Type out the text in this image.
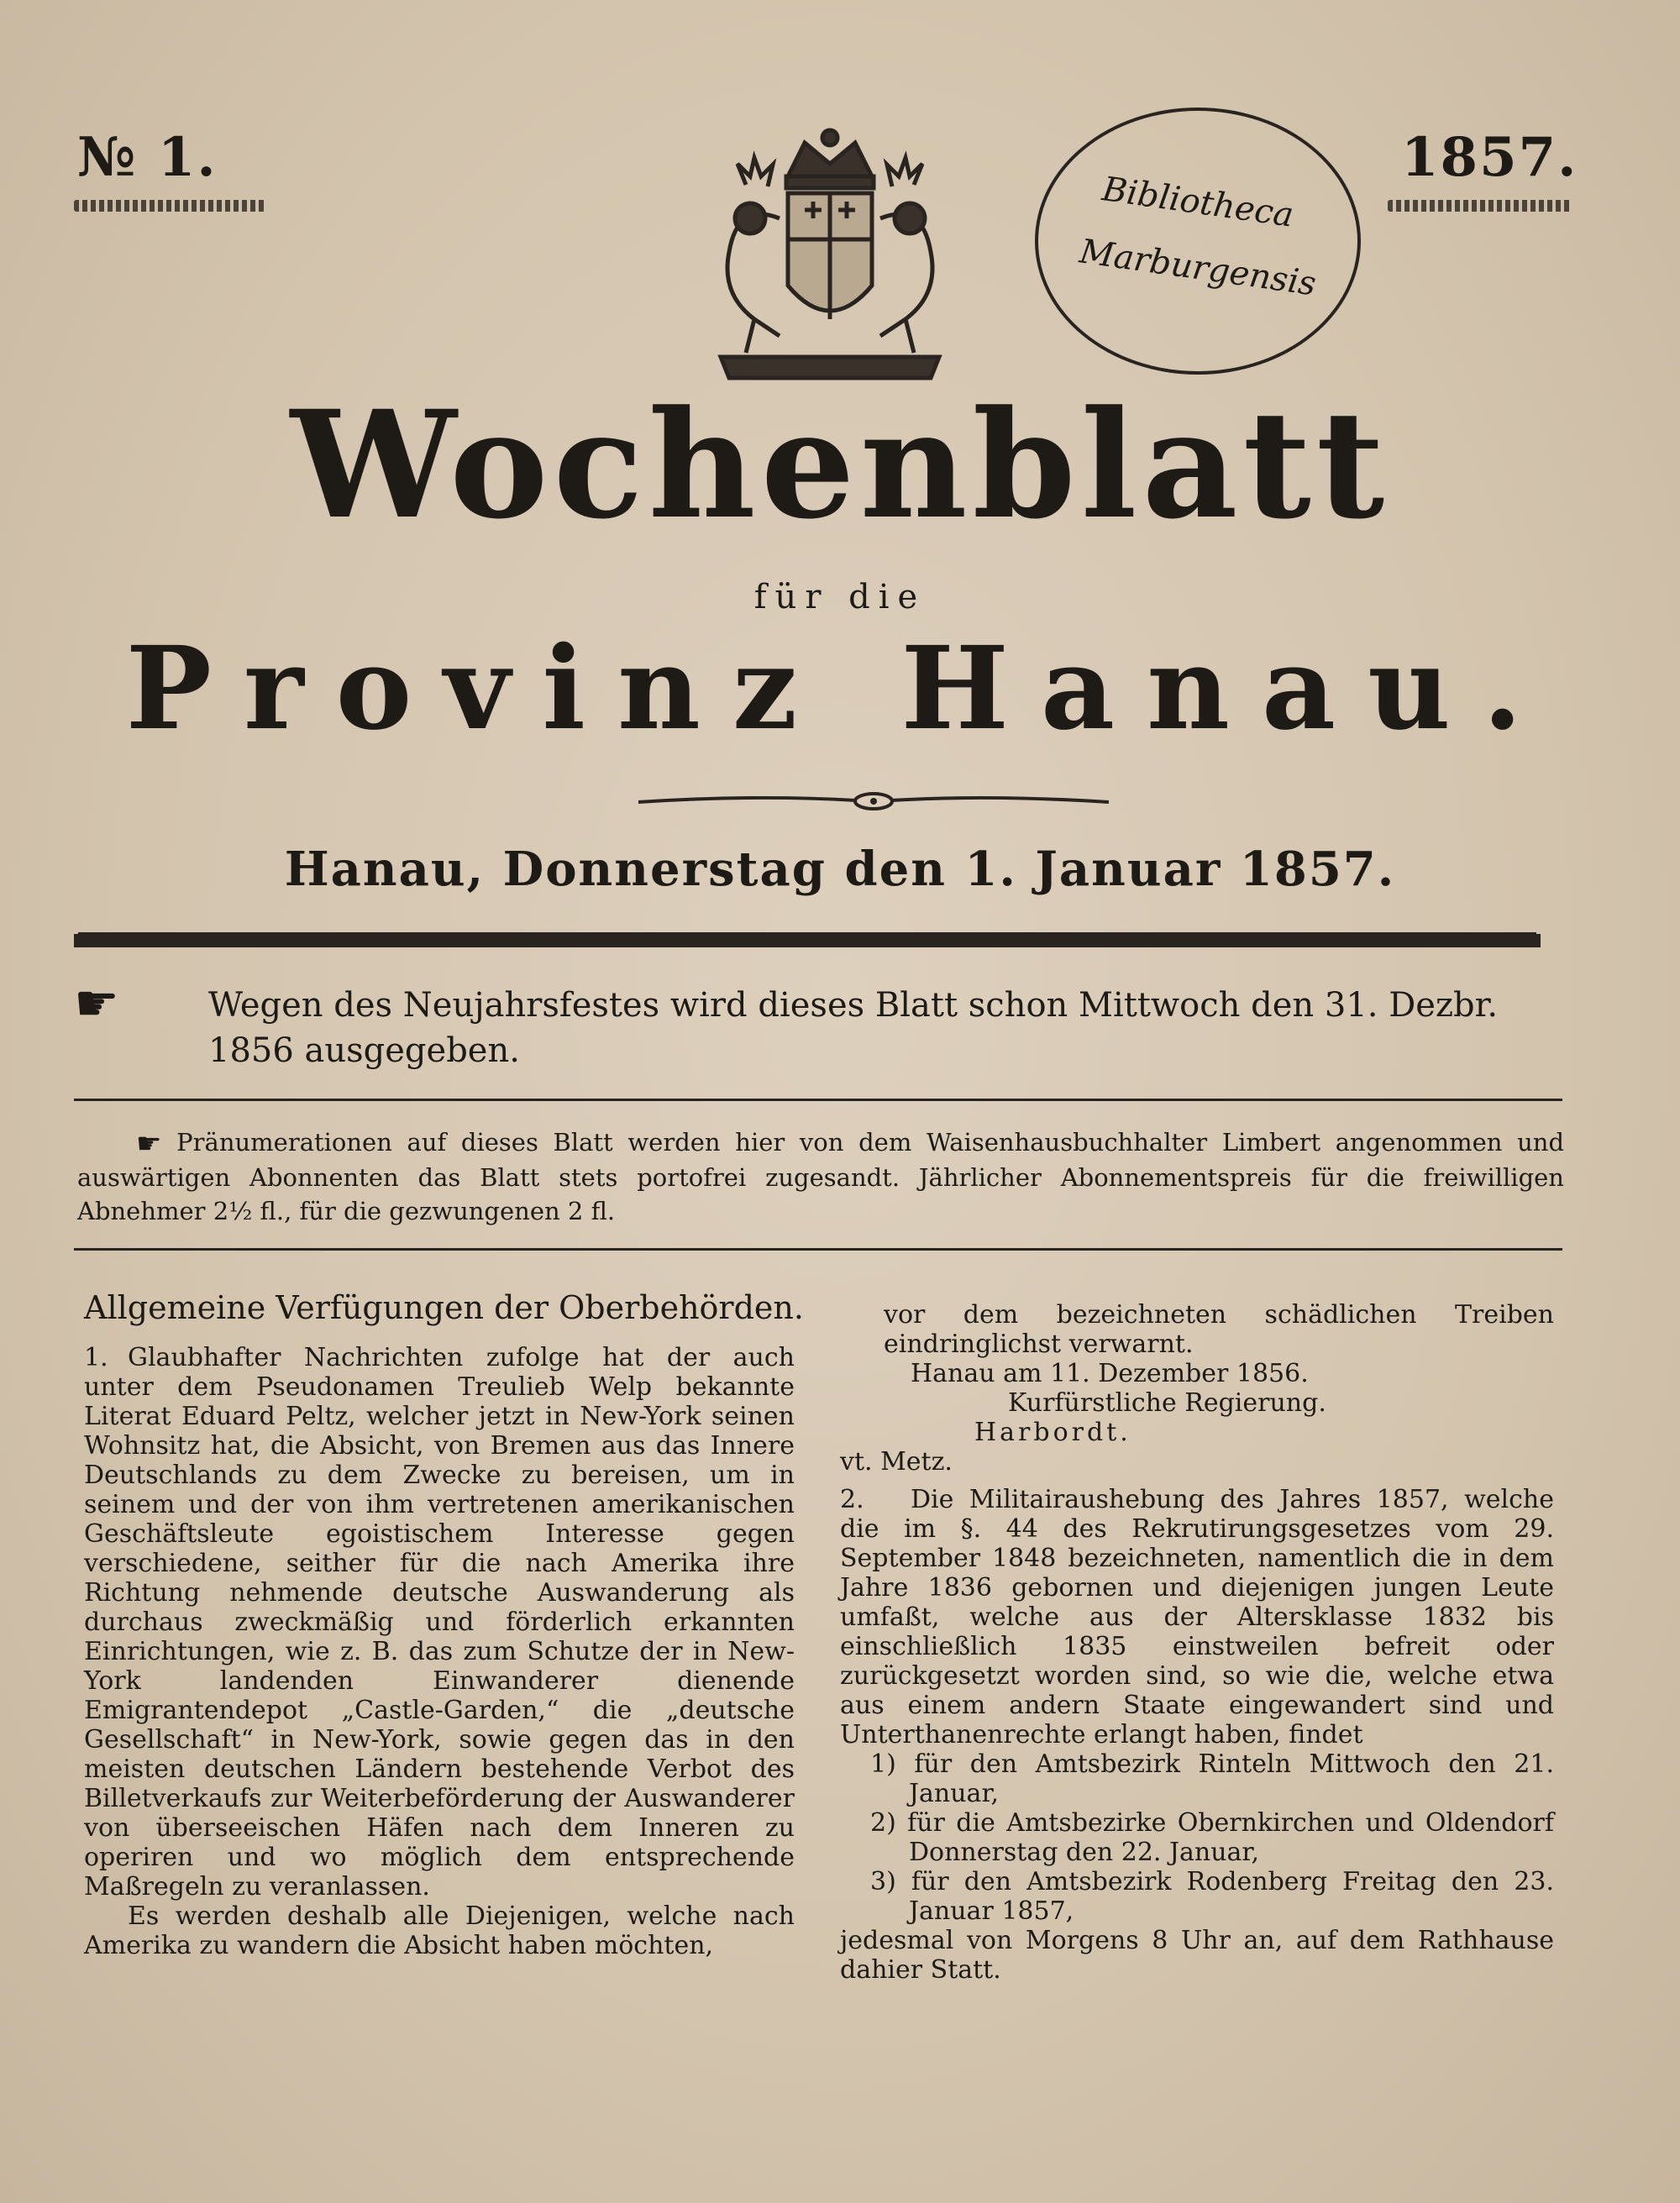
№ 1.	1857.
Bibliotheca
Marburgensis
Wochenblatt
für die
Provinz Hanau.
Hanau, Donnerstag den 1. Januar 1857.
☛	Wegen des Neujahrsfestes wird dieses Blatt schon Mittwoch den 31. Dezbr. 1856 ausgegeben.
☛ Pränumerationen auf dieses Blatt werden hier von dem Waisenhausbuchhalter Limbert angenommen und auswärtigen Abonnenten das Blatt stets portofrei zugesandt. Jährlicher Abonnementspreis für die freiwilligen Abnehmer 2½ fl., für die gezwungenen 2 fl.
Allgemeine Verfügungen der Oberbehörden.

1. Glaubhafter Nachrichten zufolge hat der auch unter dem Pseudonamen Treulieb Welp bekannte Literat Eduard Peltz, welcher jetzt in New-York seinen Wohnsitz hat, die Absicht, von Bremen aus das Innere Deutschlands zu dem Zwecke zu bereisen, um in seinem und der von ihm vertretenen amerikanischen Geschäftsleute egoistischem Interesse gegen verschiedene, seither für die nach Amerika ihre Richtung nehmende deutsche Auswanderung als durchaus zweckmäßig und förderlich erkannten Einrichtungen, wie z. B. das zum Schutze der in New-York landenden Einwanderer dienende Emigrantendepot „Castle-Garden,“ die „deutsche Gesellschaft“ in New-York, sowie gegen das in den meisten deutschen Ländern bestehende Verbot des Billetverkaufs zur Weiterbeförderung der Auswanderer von überseeischen Häfen nach dem Inneren zu operiren und wo möglich dem entsprechende Maßregeln zu veranlassen.

Es werden deshalb alle Diejenigen, welche nach Amerika zu wandern die Absicht haben möchten,

vor dem bezeichneten schädlichen Treiben eindringlichst verwarnt.

Hanau am 11. Dezember 1856.

Kurfürstliche Regierung.

Harbordt.

vt. Metz.

2. Die Militairaushebung des Jahres 1857, welche die im §. 44 des Rekrutirungsgesetzes vom 29. September 1848 bezeichneten, namentlich die in dem Jahre 1836 gebornen und diejenigen jungen Leute umfaßt, welche aus der Altersklasse 1832 bis einschließlich 1835 einstweilen befreit oder zurückgesetzt worden sind, so wie die, welche etwa aus einem andern Staate eingewandert sind und Unterthanenrechte erlangt haben, findet

1) für den Amtsbezirk Rinteln Mittwoch den 21. Januar,

2) für die Amtsbezirke Obernkirchen und Oldendorf Donnerstag den 22. Januar,

3) für den Amtsbezirk Rodenberg Freitag den 23. Januar 1857,

jedesmal von Morgens 8 Uhr an, auf dem Rathhause dahier Statt.
